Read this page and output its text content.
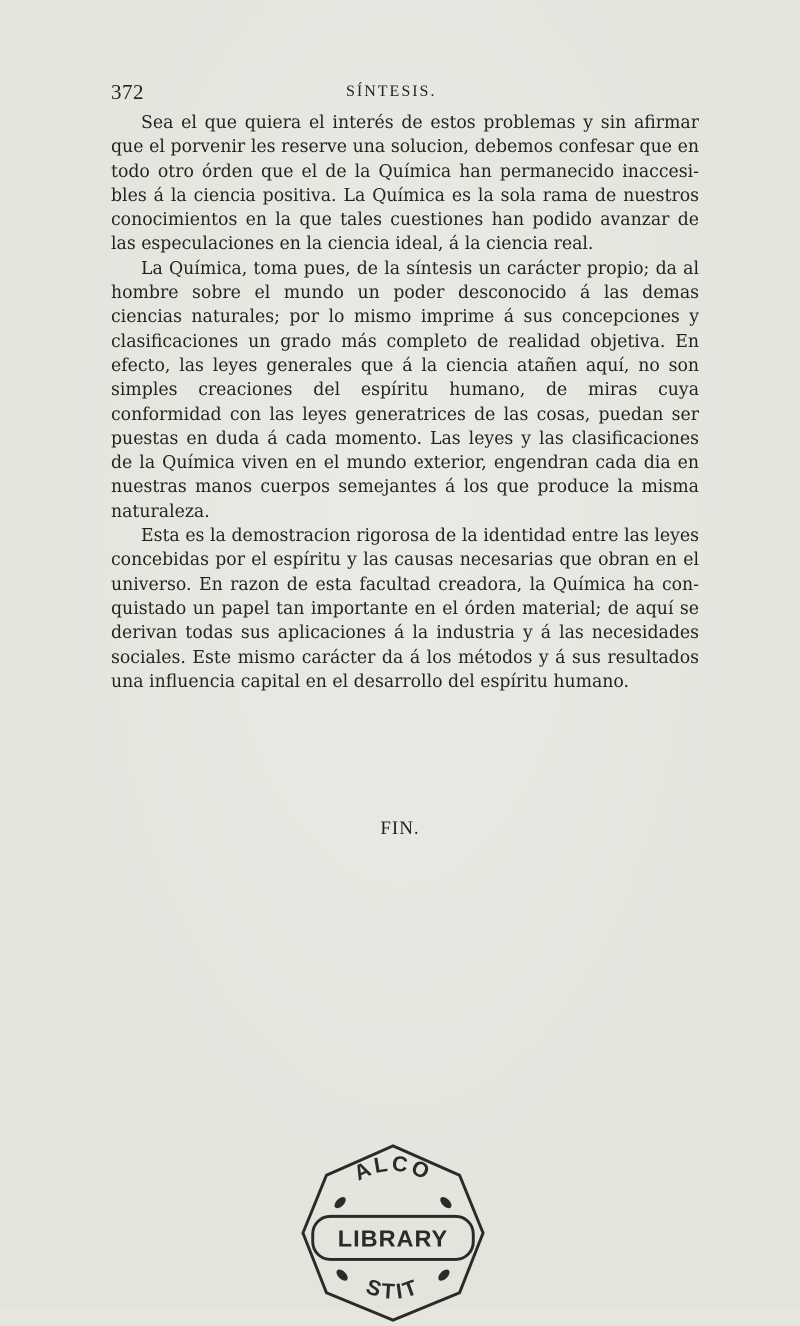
372	SÍNTESIS.

Sea el que quiera el interés de estos problemas y sin afirmar que el porvenir les reserve una solucion, debemos confesar que en todo otro órden que el de la Química han permanecido inaccesibles á la ciencia positiva. La Química es la sola rama de nuestros conocimientos en la que tales cuestiones han podido avanzar de las especulaciones en la ciencia ideal, á la ciencia real.

La Química, toma pues, de la síntesis un carácter propio; da al hombre sobre el mundo un poder desconocido á las demas ciencias naturales; por lo mismo imprime á sus concepciones y clasificaciones un grado más completo de realidad objetiva. En efecto, las leyes generales que á la ciencia atañen aquí, no son simples creaciones del espíritu humano, de miras cuya conformidad con las leyes generatrices de las cosas, puedan ser puestas en duda á cada momento. Las leyes y las clasificaciones de la Química viven en el mundo exterior, engendran cada dia en nuestras manos cuerpos semejantes á los que produce la misma naturaleza.

Esta es la demostracion rigorosa de la identidad entre las leyes concebidas por el espíritu y las causas necesarias que obran en el universo. En razon de esta facultad creadora, la Química ha conquistado un papel tan importante en el órden material; de aquí se derivan todas sus aplicaciones á la industria y á las necesidades sociales. Este mismo carácter da á los métodos y á sus resultados una influencia capital en el desarrollo del espíritu humano.

FIN.
ALCO
LIBRARY
STIT
